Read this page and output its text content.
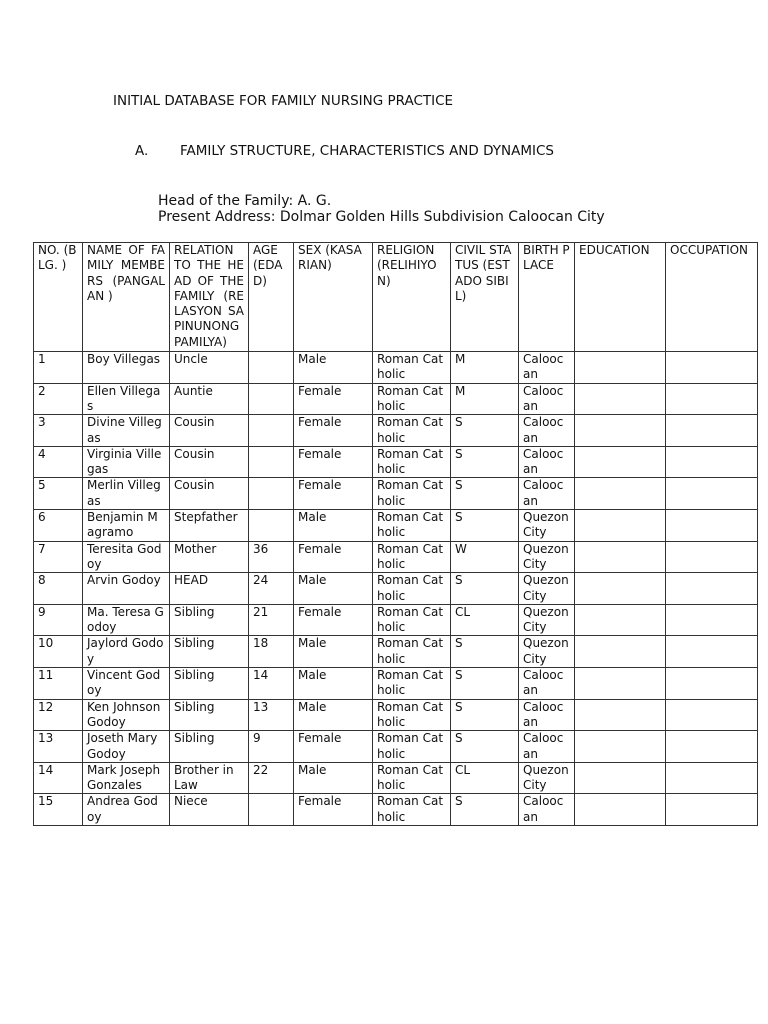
INITIAL DATABASE FOR FAMILY NURSING PRACTICE
A. FAMILY STRUCTURE, CHARACTERISTICS AND DYNAMICS
Head of the Family: A. G.
Present Address: Dolmar Golden Hills Subdivision Caloocan City
NO. (BLG. )	NAME OF FAMILY MEMBERS (PANGALAN )	RELATION TO THE HEAD OF THE FAMILY (RELASYON SA PINUNONG PAMILYA)	AGE (EDAD)	SEX (KASARIAN)	RELIGION (RELIHIYON)	CIVIL STATUS (ESTADO SIBIL)	BIRTH PLACE	EDUCATION	OCCUPATION
1	Boy Villegas	Uncle		Male	Roman Catholic	M	Caloocan		
2	Ellen Villegas	Auntie		Female	Roman Catholic	M	Caloocan		
3	Divine Villegas	Cousin		Female	Roman Catholic	S	Caloocan		
4	Virginia Villegas	Cousin		Female	Roman Catholic	S	Caloocan		
5	Merlin Villegas	Cousin		Female	Roman Catholic	S	Caloocan		
6	Benjamin Magramo	Stepfather		Male	Roman Catholic	S	Quezon City		
7	Teresita Godoy	Mother	36	Female	Roman Catholic	W	Quezon City		
8	Arvin Godoy	HEAD	24	Male	Roman Catholic	S	Quezon City		
9	Ma. Teresa Godoy	Sibling	21	Female	Roman Catholic	CL	Quezon City		
10	Jaylord Godoy	Sibling	18	Male	Roman Catholic	S	Quezon City		
11	Vincent Godoy	Sibling	14	Male	Roman Catholic	S	Caloocan		
12	Ken Johnson Godoy	Sibling	13	Male	Roman Catholic	S	Caloocan		
13	Joseth Mary Godoy	Sibling	9	Female	Roman Catholic	S	Caloocan		
14	Mark Joseph Gonzales	Brother in Law	22	Male	Roman Catholic	CL	Quezon City		
15	Andrea Godoy	Niece		Female	Roman Catholic	S	Caloocan		
